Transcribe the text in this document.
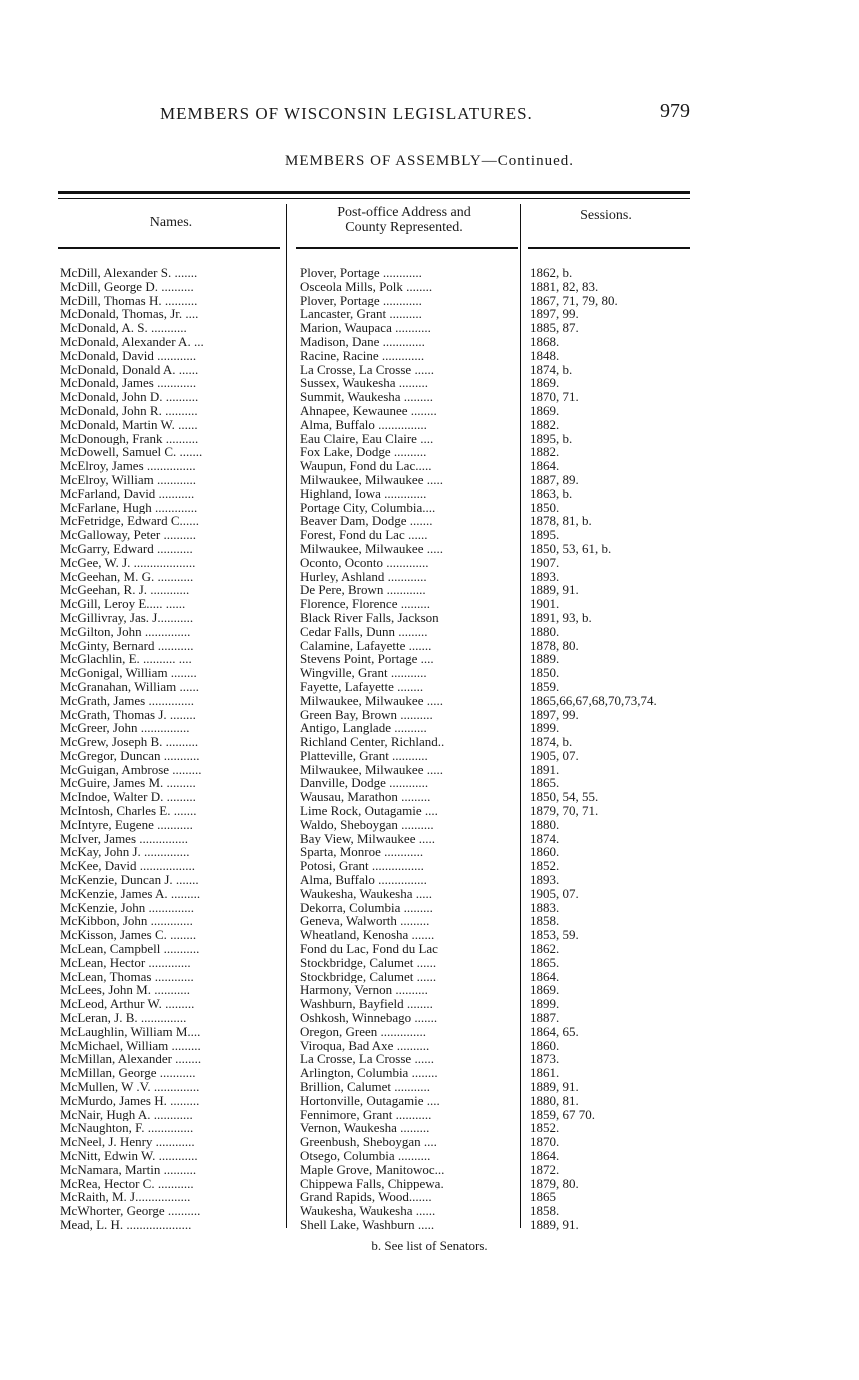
MEMBERS OF WISCONSIN LEGISLATURES.	979
MEMBERS OF ASSEMBLY—Continued.
Names.
Post-office Address and
County Represented.
Sessions.
McDill, Alexander S. .......	Plover, Portage ............	1862, b.
McDill, George D. ..........	Osceola Mills, Polk ........	1881, 82, 83.
McDill, Thomas H. ..........	Plover, Portage ............	1867, 71, 79, 80.
McDonald, Thomas, Jr. ....	Lancaster, Grant ..........	1897, 99.
McDonald, A. S. ...........	Marion, Waupaca ...........	1885, 87.
McDonald, Alexander A. ...	Madison, Dane .............	1868.
McDonald, David ............	Racine, Racine .............	1848.
McDonald, Donald A. ......	La Crosse, La Crosse ......	1874, b.
McDonald, James ............	Sussex, Waukesha .........	1869.
McDonald, John D. ..........	Summit, Waukesha .........	1870, 71.
McDonald, John R. ..........	Ahnapee, Kewaunee ........	1869.
McDonald, Martin W. ......	Alma, Buffalo ...............	1882.
McDonough, Frank ..........	Eau Claire, Eau Claire ....	1895, b.
McDowell, Samuel C. .......	Fox Lake, Dodge ..........	1882.
McElroy, James ...............	Waupun, Fond du Lac.....	1864.
McElroy, William ............	Milwaukee, Milwaukee .....	1887, 89.
McFarland, David ...........	Highland, Iowa .............	1863, b.
McFarlane, Hugh .............	Portage City, Columbia....	1850.
McFetridge, Edward C......	Beaver Dam, Dodge .......	1878, 81, b.
McGalloway, Peter ..........	Forest, Fond du Lac ......	1895.
McGarry, Edward ...........	Milwaukee, Milwaukee .....	1850, 53, 61, b.
McGee, W. J. ...................	Oconto, Oconto .............	1907.
McGeehan, M. G. ...........	Hurley, Ashland ............	1893.
McGeehan, R. J. ............	De Pere, Brown ............	1889, 91.
McGill, Leroy E..... ......	Florence, Florence .........	1901.
McGillivray, Jas. J...........	Black River Falls, Jackson	1891, 93, b.
McGilton, John ..............	Cedar Falls, Dunn .........	1880.
McGinty, Bernard ...........	Calamine, Lafayette .......	1878, 80.
McGlachlin, E. .......... ....	Stevens Point, Portage ....	1889.
McGonigal, William ........	Wingville, Grant ...........	1850.
McGranahan, William ......	Fayette, Lafayette ........	1859.
McGrath, James ..............	Milwaukee, Milwaukee .....	1865,66,67,68,70,73,74.
McGrath, Thomas J. ........	Green Bay, Brown ..........	1897, 99.
McGreer, John ...............	Antigo, Langlade ..........	1899.
McGrew, Joseph B. ..........	Richland Center, Richland..	1874, b.
McGregor, Duncan ...........	Platteville, Grant ...........	1905, 07.
McGuigan, Ambrose .........	Milwaukee, Milwaukee .....	1891.
McGuire, James M. .........	Danville, Dodge ............	1865.
McIndoe, Walter D. .........	Wausau, Marathon .........	1850, 54, 55.
McIntosh, Charles E. .......	Lime Rock, Outagamie ....	1879, 70, 71.
McIntyre, Eugene ...........	Waldo, Sheboygan ..........	1880.
McIver, James ...............	Bay View, Milwaukee .....	1874.
McKay, John J. ..............	Sparta, Monroe ............	1860.
McKee, David .................	Potosi, Grant ................	1852.
McKenzie, Duncan J. .......	Alma, Buffalo ...............	1893.
McKenzie, James A. .........	Waukesha, Waukesha .....	1905, 07.
McKenzie, John ..............	Dekorra, Columbia .........	1883.
McKibbon, John .............	Geneva, Walworth .........	1858.
McKisson, James C. ........	Wheatland, Kenosha .......	1853, 59.
McLean, Campbell ...........	Fond du Lac, Fond du Lac	1862.
McLean, Hector .............	Stockbridge, Calumet ......	1865.
McLean, Thomas ............	Stockbridge, Calumet ......	1864.
McLees, John M. ...........	Harmony, Vernon ..........	1869.
McLeod, Arthur W. .........	Washburn, Bayfield ........	1899.
McLeran, J. B. ..............	Oshkosh, Winnebago .......	1887.
McLaughlin, William M....	Oregon, Green ..............	1864, 65.
McMichael, William .........	Viroqua, Bad Axe ..........	1860.
McMillan, Alexander ........	La Crosse, La Crosse ......	1873.
McMillan, George ...........	Arlington, Columbia ........	1861.
McMullen, W .V. ..............	Brillion, Calumet ...........	1889, 91.
McMurdo, James H. .........	Hortonville, Outagamie ....	1880, 81.
McNair, Hugh A. ............	Fennimore, Grant ...........	1859, 67 70.
McNaughton, F. ..............	Vernon, Waukesha .........	1852.
McNeel, J. Henry ............	Greenbush, Sheboygan ....	1870.
McNitt, Edwin W. ............	Otsego, Columbia ..........	1864.
McNamara, Martin ..........	Maple Grove, Manitowoc...	1872.
McRea, Hector C. ...........	Chippewa Falls, Chippewa.	1879, 80.
McRaith, M. J.................	Grand Rapids, Wood.......	1865
McWhorter, George ..........	Waukesha, Waukesha ......	1858.
Mead, L. H. ....................	Shell Lake, Washburn .....	1889, 91.
b. See list of Senators.
